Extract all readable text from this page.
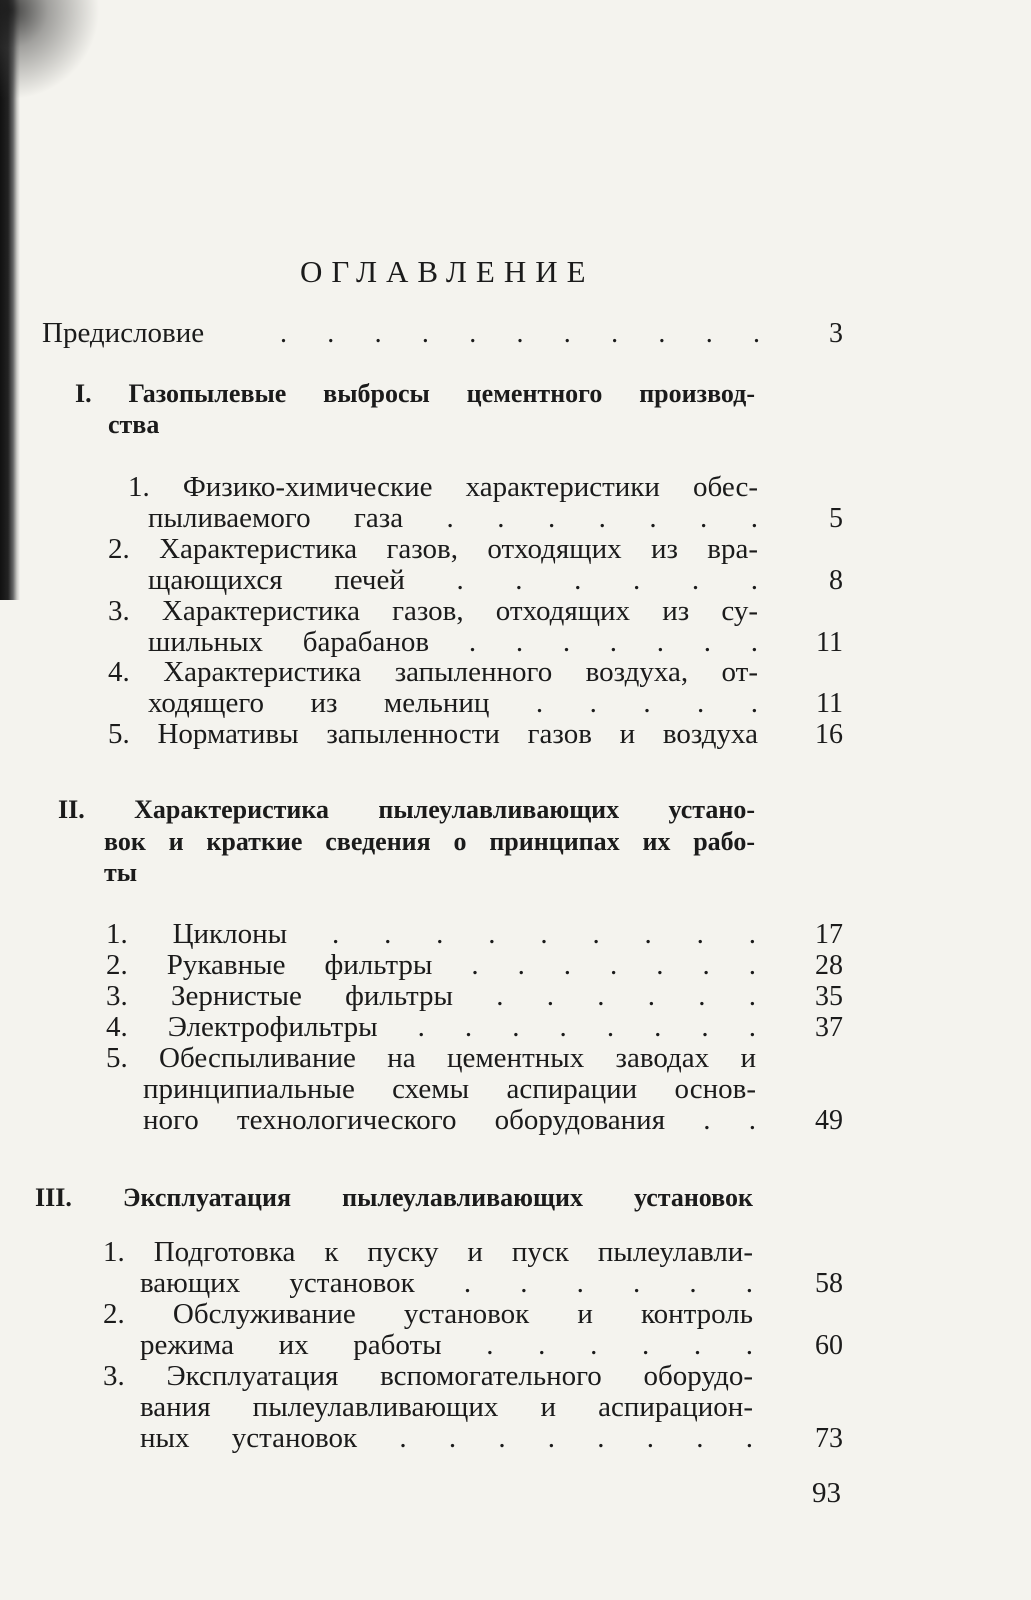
ОГЛАВЛЕНИЕ
Предисловие	. . . . . . . . . . . 3
I. Газопылевые выбросы цементного производ-
ства
1. Физико-химические характеристики обес-
пыливаемого газа . . . . . . .	5
2. Характеристика газов, отходящих из вра-
щающихся печей . . . . . .	8
3. Характеристика газов, отходящих из су-
шильных барабанов . . . . . . . 11
4. Характеристика запыленного воздуха, от-
ходящего из мельниц . . . . . 11
5. Нормативы запыленности газов и воздуха 16
II. Характеристика пылеулавливающих устано-
вок и краткие сведения о принципах их рабо-
ты
1. Циклоны . . . . . . . . . 17
2. Рукавные фильтры . . . . . . . 28
3. Зернистые фильтры . . . . . . 35
4. Электрофильтры . . . . . . . . 37
5. Обеспыливание на цементных заводах и
принципиальные схемы аспирации основ-
ного технологического оборудования . . 49
III. Эксплуатация пылеулавливающих установок
1. Подготовка к пуску и пуск пылеулавли-
вающих установок . . . . . . 58
2. Обслуживание установок и контроль
режима их работы . . . . . . 60
3. Эксплуатация вспомогательного оборудо-
вания пылеулавливающих и аспирацион-
ных установок . . . . . . . . 73
93
